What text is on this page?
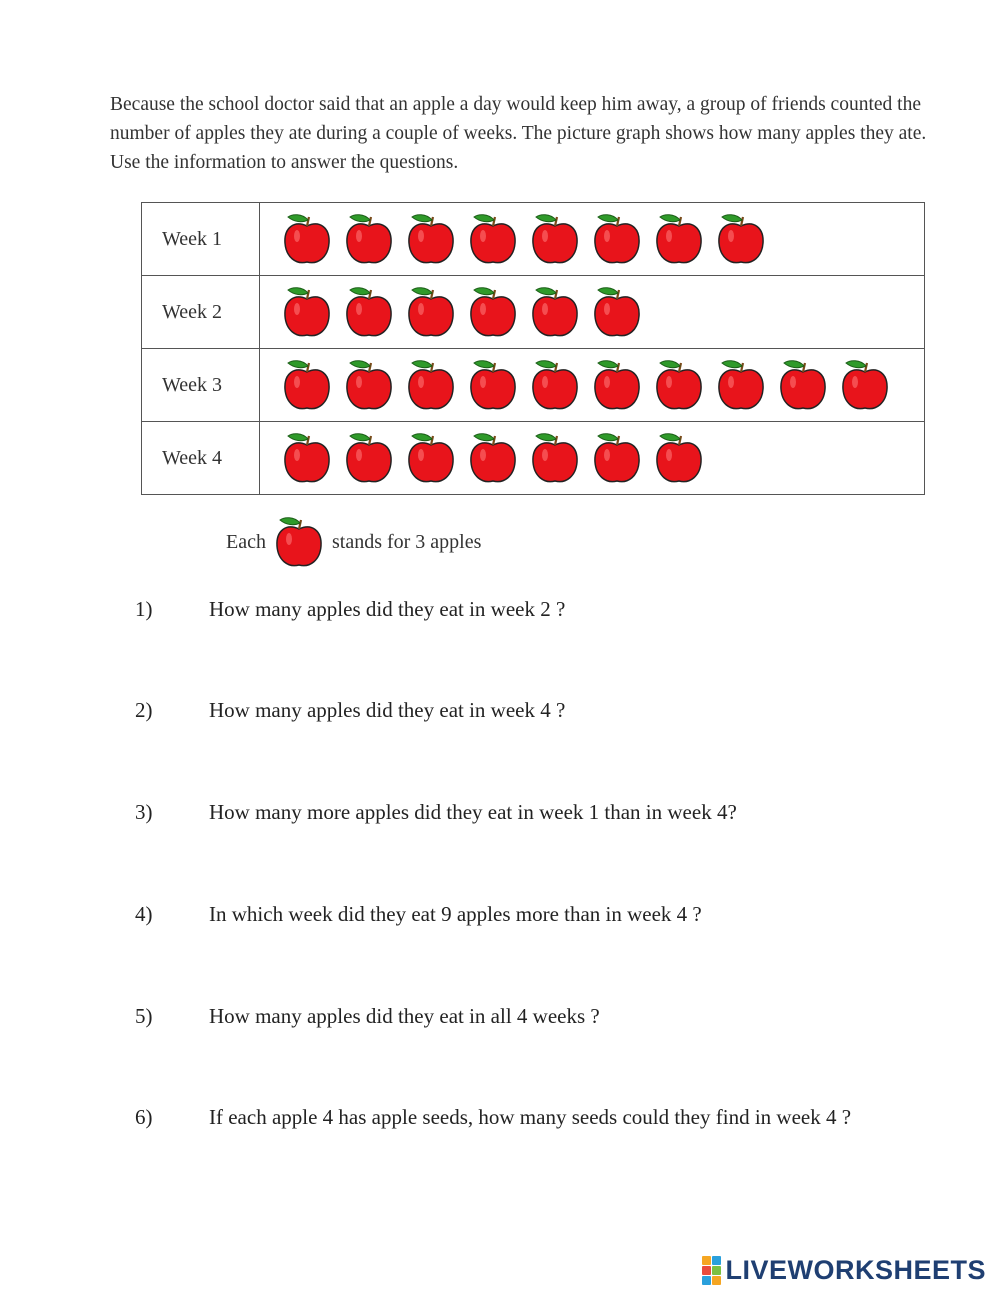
Because the school doctor said that an apple a day would keep him away, a group of friends counted the number of apples they ate during a couple of weeks. The picture graph shows how many apples they ate. Use the information to answer the questions.
Week 1	

Week 2	

Week 3	

Week 4	
Each	stands for 3 apples
1)	How many apples did they eat in week 2 ?
2)	How many apples did they eat in week 4 ?
3)	How many more apples did they eat in week 1 than in week 4?
4)	In which week did they eat 9 apples more than in week 4 ?
5)	How many apples did they eat in all 4 weeks ?
6)	If each apple 4 has apple seeds, how many seeds could they find in week 4 ?
LIVEWORKSHEETS
